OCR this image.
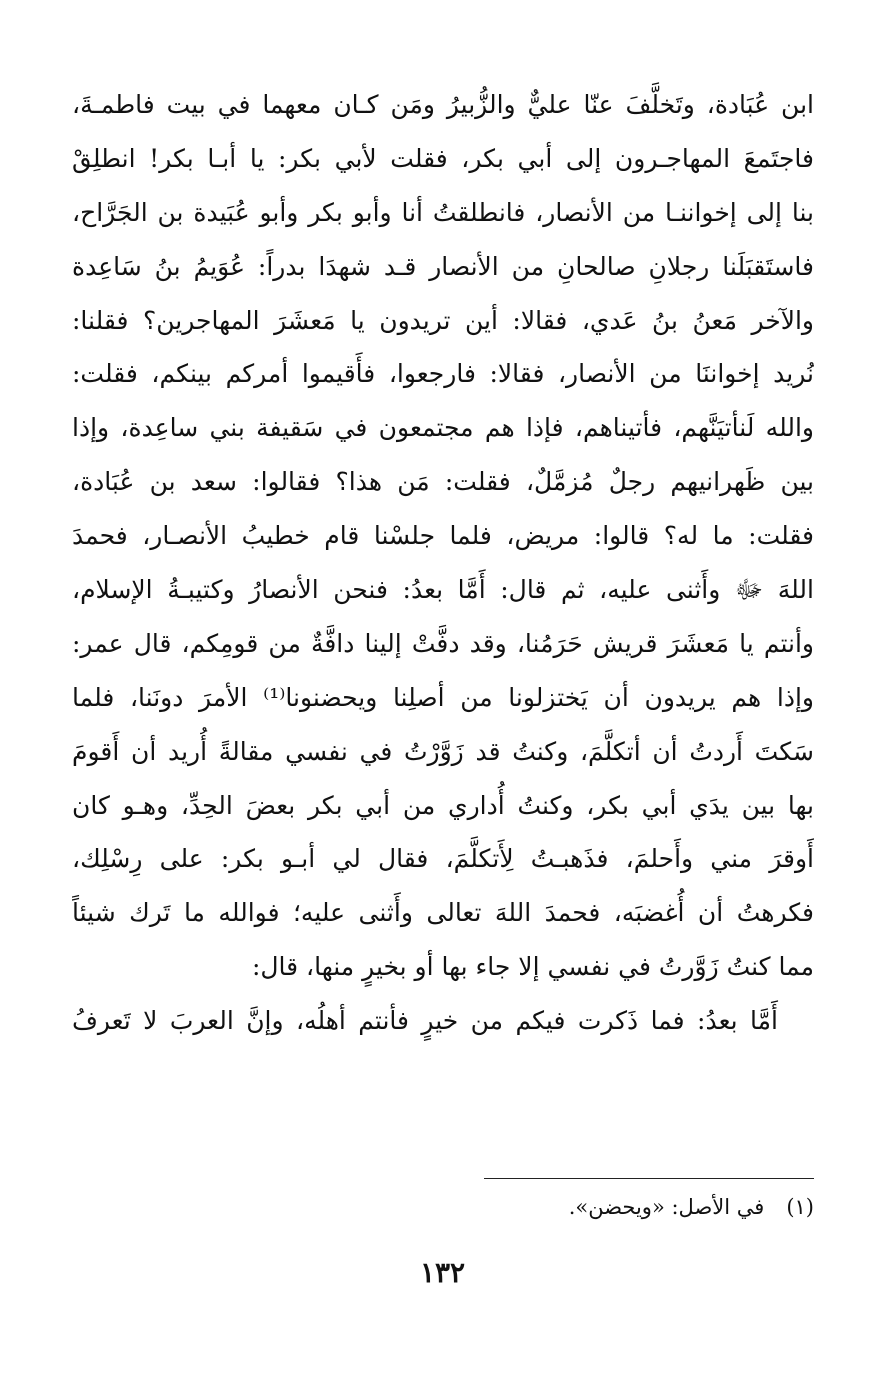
ابن عُبَادة، وتَخلَّفَ عنّا عليٌّ والزُّبيرُ ومَن كـان معهما في بيت فاطمـةَ،
فاجتَمعَ المهاجـرون إلى أبي بكر، فقلت لأبي بكر: يا أبـا بكر! انطلِقْ
بنا إلى إخواننـا من الأنصار، فانطلقتُ أنا وأبو بكر وأبو عُبَيدة بن الجَرَّاح،
فاستَقبَلَنا رجلانِ صالحانِ من الأنصار قـد شهدَا بدراً: عُوَيمُ بنُ سَاعِدة
والآخر مَعنُ بنُ عَدي، فقالا: أين تريدون يا مَعشَرَ المهاجرين؟ فقلنا:
نُريد إخواننَا من الأنصار، فقالا: فارجعوا، فأَقيموا أمركم بينكم، فقلت:
والله لَنأتيَنَّهم، فأتيناهم، فإذا هم مجتمعون في سَقيفة بني ساعِدة، وإذا
بين ظَهرانيهم رجلٌ مُزمَّلٌ، فقلت: مَن هذا؟ فقالوا: سعد بن عُبَادة،
فقلت: ما له؟ قالوا: مريض، فلما جلسْنا قام خطيبُ الأنصـار، فحمدَ
اللهَ ﷻ وأَثنى عليه، ثم قال: أَمَّا بعدُ: فنحن الأنصارُ وكتيبـةُ الإسلام،
وأنتم يا مَعشَرَ قريش حَرَمُنا، وقد دفَّتْ إلينا دافَّةٌ من قومِكم، قال عمر:
وإذا هم يريدون أن يَختزلونا من أصلِنا ويحضنونا⁽¹⁾ الأمرَ دونَنا، فلما
سَكتَ أَردتُ أن أتكلَّمَ، وكنتُ قد زَوَّرْتُ في نفسي مقالةً أُريد أن أَقومَ
بها بين يدَي أبي بكر، وكنتُ أُداري من أبي بكر بعضَ الحِدِّ، وهـو كان
أَوقرَ مني وأَحلمَ، فذَهبـتُ لِأَتكلَّمَ، فقال لي أبـو بكر: على رِسْلِك،
فكرهتُ أن أُغضبَه، فحمدَ اللهَ تعالى وأَثنى عليه؛ فوالله ما تَرك شيئاً
مما كنتُ زَوَّرتُ في نفسي إلا جاء بها أو بخيرٍ منها، قال:
أَمَّا بعدُ: فما ذَكرت فيكم من خيرٍ فأنتم أهلُه، وإنَّ العربَ لا تَعرفُ
(١)في الأصل: «ويحضن».
١٣٢
